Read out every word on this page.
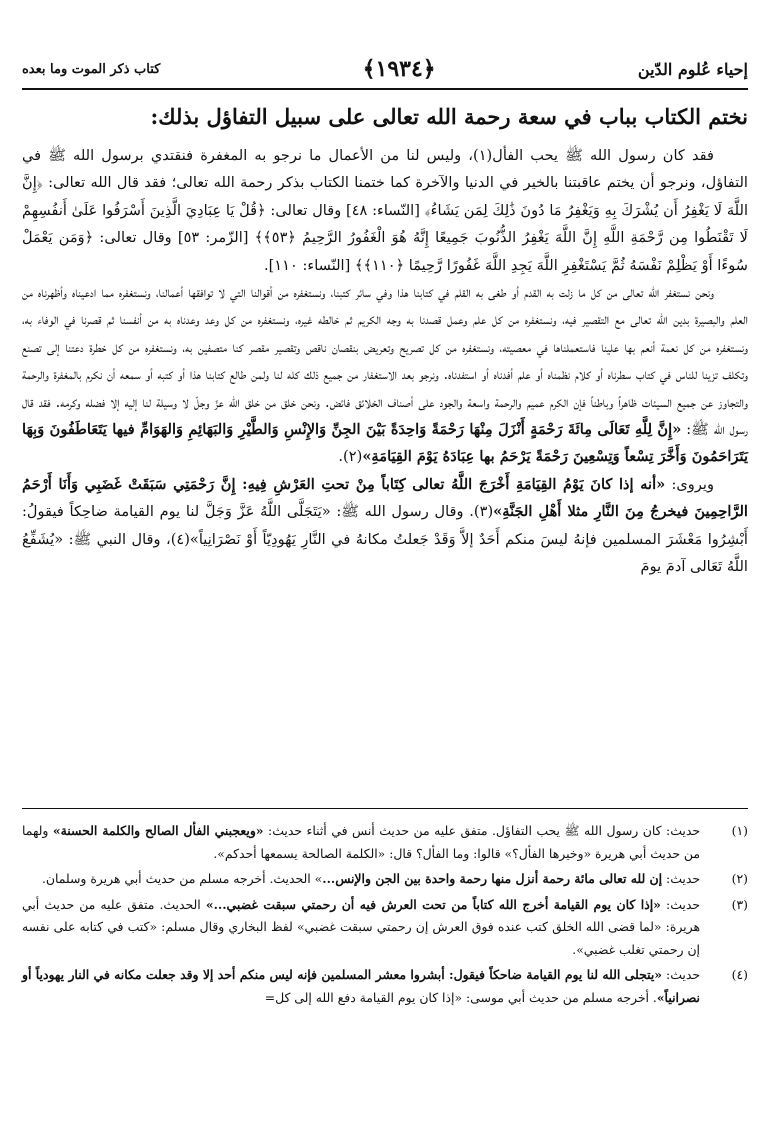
إحياء عُلوم الدّين
﴿١٩٣٤﴾
كتاب ذكر الموت وما بعده
نختم الكتاب بباب في سعة رحمة الله تعالى على سبيل التفاؤل بذلك:

فقد كان رسول الله ﷺ يحب الفأل(١)، وليس لنا من الأعمال ما نرجو به المغفرة فنقتدي برسول الله ﷺ في التفاؤل، ونرجو أن يختم عاقبتنا بالخير في الدنيا والآخرة كما ختمنا الكتاب بذكر رحمة الله تعالى؛ فقد قال الله تعالى: ﴿إِنَّ اللَّهَ لَا يَغْفِرُ أَن يُشْرَكَ بِهِ وَيَغْفِرُ مَا دُونَ ذَٰلِكَ لِمَن يَشَاءُ﴾ [النّساء: ٤٨] وقال تعالى: ﴿قُلْ يَا عِبَادِيَ الَّذِينَ أَسْرَفُوا عَلَىٰ أَنفُسِهِمْ لَا تَقْنَطُوا مِن رَّحْمَةِ اللَّهِ إِنَّ اللَّهَ يَغْفِرُ الذُّنُوبَ جَمِيعًا إِنَّهُ هُوَ الْغَفُورُ الرَّحِيمُ ﴿٥٣﴾﴾ [الزّمر: ٥٣] وقال تعالى: ﴿وَمَن يَعْمَلْ سُوءًا أَوْ يَظْلِمْ نَفْسَهُ ثُمَّ يَسْتَغْفِرِ اللَّهَ يَجِدِ اللَّهَ غَفُورًا رَّحِيمًا ﴿١١٠﴾﴾ [النّساء: ١١٠].

ونحن نستغفر الله تعالى من كل ما زلت به القدم أو طغى به القلم في كتابنا هذا وفي سائر كتبنا، ونستغفره من أقوالنا التي لا توافقها أعمالنا، ونستغفره مما ادعيناه وأظهرناه من العلم والبصيرة بدين الله تعالى مع التقصير فيه، ونستغفره من كل علم وعمل قصدنا به وجه الكريم ثم خالطه غيره، ونستغفره من كل وعد وعدناه به من أنفسنا ثم قصرنا في الوفاء به، ونستغفره من كل نعمة أنعم بها علينا فاستعملناها في معصيته، ونستغفره من كل تصريح وتعريض بنقصان ناقص وتقصير مقصر كنا متصفين به، ونستغفره من كل خطرة دعتنا إلى تصنع وتكلف تزينا للناس في كتاب سطرناه أو كلام نظمناه أو علم أفدناه أو استفدناه. ونرجو بعد الاستغفار من جميع ذلك كله لنا ولمن طالع كتابنا هذا أو كتبه أو سمعه أن نكرم بالمغفرة والرحمة والتجاوز عن جميع السيئات ظاهراً وباطناً فإن الكرم عميم والرحمة واسعة والجود على أصناف الخلائق فائض. ونحن خلق من خلق الله عزّ وجلّ لا وسيلة لنا إليه إلا فضله وكرمه. فقد قال رسول الله ﷺ: «إِنَّ لِلَّهِ تَعَالَى مِائَةَ رَحْمَةٍ أَنْزَلَ مِنْهَا رَحْمَةً وَاحِدَةً بَيْنَ الجِنِّ وَالإِنْسِ وَالطَّيْرِ وَالبَهَائِمِ وَالهَوَامِّ فيها يَتَعَاطَفُونَ وَبِهَا يَتَرَاحَمُونَ وَأَخَّرَ تِسْعاً وَتِسْعِينَ رَحْمَةً يَرْحَمُ بها عِبَادَهُ يَوْمَ القِيَامَةِ»(٢).

ويروى: «أنه إذا كانَ يَوْمُ القِيَامَةِ أَخْرَجَ اللَّهُ تعالى كِتَاباً مِنْ تحتِ العَرْشِ فِيهِ: إِنَّ رَحْمَتِي سَبَقَتْ غَضَبِي وَأَنَا أَرْحَمُ الرَّاحِمِينَ فيخرجُ مِنَ النَّارِ مثلا أَهْلِ الجَنَّةِ»(٣). وقال رسول الله ﷺ: «يَتَجَلَّى اللَّهُ عَزَّ وَجَلَّ لنا يوم القيامة ضاحِكاً فيقولُ: أَبْشِرُوا مَعْشَرَ المسلمين فإنهُ ليسَ منكم أَحَدٌ إلاَّ وَقَدْ جَعلتُ مكانهُ في النَّارِ يَهُودِيّاً أَوْ نَصْرَانِياً»(٤)، وقال النبي ﷺ: «يُشَفِّعُ اللَّهُ تَعَالى آدمَ يومَ

(١)
حديث: كان رسول الله ﷺ يحب التفاؤل. متفق عليه من حديث أنس في أثناء حديث: «ويعجبني الفأل الصالح والكلمة الحسنة» ولهما من حديث أبي هريرة «وخيرها الفأل؟» قالوا: وما الفأل؟ قال: «الكلمة الصالحة يسمعها أحدكم».
(٢)
حديث: إن لله تعالى مائة رحمة أنزل منها رحمة واحدة بين الجن والإنس...» الحديث. أخرجه مسلم من حديث أبي هريرة وسلمان.
(٣)
حديث: «إذا كان يوم القيامة أخرج الله كتاباً من تحت العرش فيه أن رحمتي سبقت غضبي...» الحديث. متفق عليه من حديث أبي هريرة: «لما قضى الله الخلق كتب عنده فوق العرش إن رحمتي سبقت غضبي» لفظ البخاري وقال مسلم: «كتب في كتابه على نفسه إن رحمتي تغلب غضبي».
(٤)
حديث: «يتجلى الله لنا يوم القيامة ضاحكاً فيقول: أبشروا معشر المسلمين فإنه ليس منكم أحد إلا وقد جعلت مكانه في النار يهودياً أو نصرانياً». أخرجه مسلم من حديث أبي موسى: «إذا كان يوم القيامة دفع الله إلى كل=
